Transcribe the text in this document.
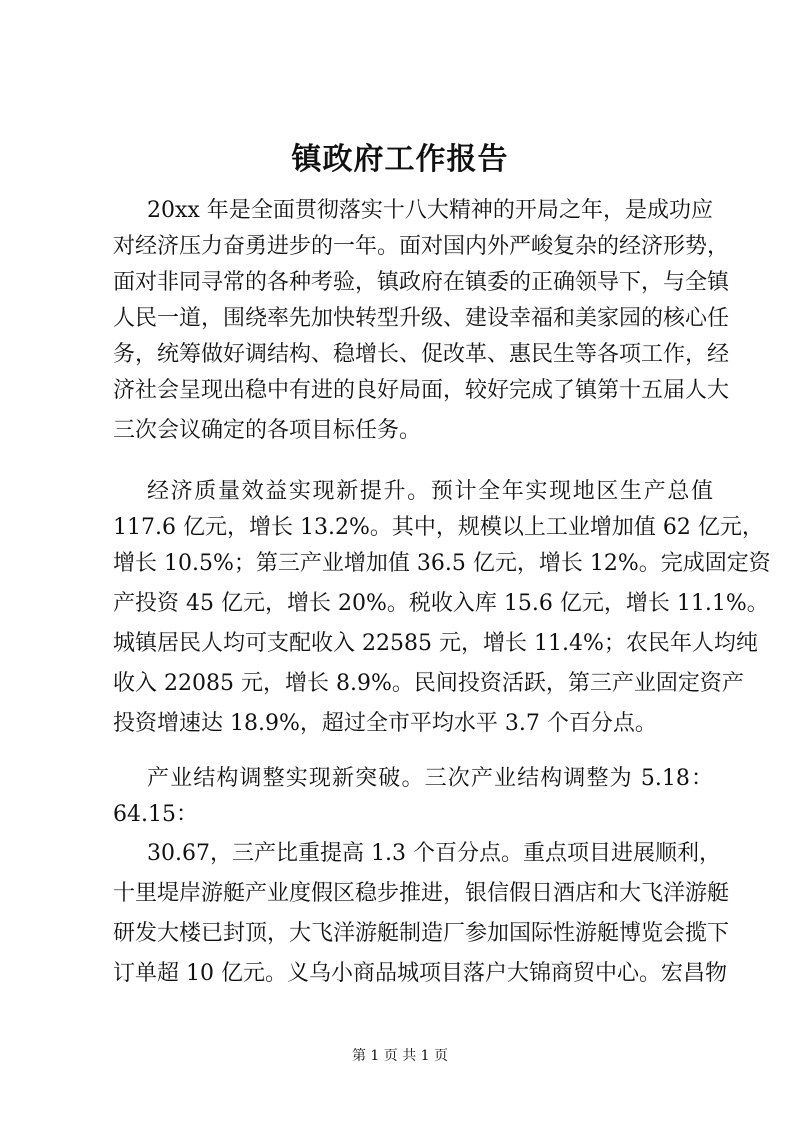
镇政府工作报告
20xx 年是全面贯彻落实十八大精神的开局之年，是成功应
对经济压力奋勇进步的一年。面对国内外严峻复杂的经济形势，
面对非同寻常的各种考验，镇政府在镇委的正确领导下，与全镇
人民一道，围绕率先加快转型升级、建设幸福和美家园的核心任
务，统筹做好调结构、稳增长、促改革、惠民生等各项工作，经
济社会呈现出稳中有进的良好局面，较好完成了镇第十五届人大
三次会议确定的各项目标任务。
经济质量效益实现新提升。预计全年实现地区生产总值
117.6 亿元，增长 13.2%。其中，规模以上工业增加值 62 亿元，
增长 10.5%；第三产业增加值 36.5 亿元，增长 12%。完成固定资
产投资 45 亿元，增长 20%。税收入库 15.6 亿元，增长 11.1%。
城镇居民人均可支配收入 22585 元，增长 11.4%；农民年人均纯
收入 22085 元，增长 8.9%。民间投资活跃，第三产业固定资产
投资增速达 18.9%，超过全市平均水平 3.7 个百分点。
产业结构调整实现新突破。三次产业结构调整为 5.18：
64.15：
30.67，三产比重提高 1.3 个百分点。重点项目进展顺利，
十里堤岸游艇产业度假区稳步推进，银信假日酒店和大飞洋游艇
研发大楼已封顶，大飞洋游艇制造厂参加国际性游艇博览会揽下
订单超 10 亿元。义乌小商品城项目落户大锦商贸中心。宏昌物
第 1 页 共 1 页
